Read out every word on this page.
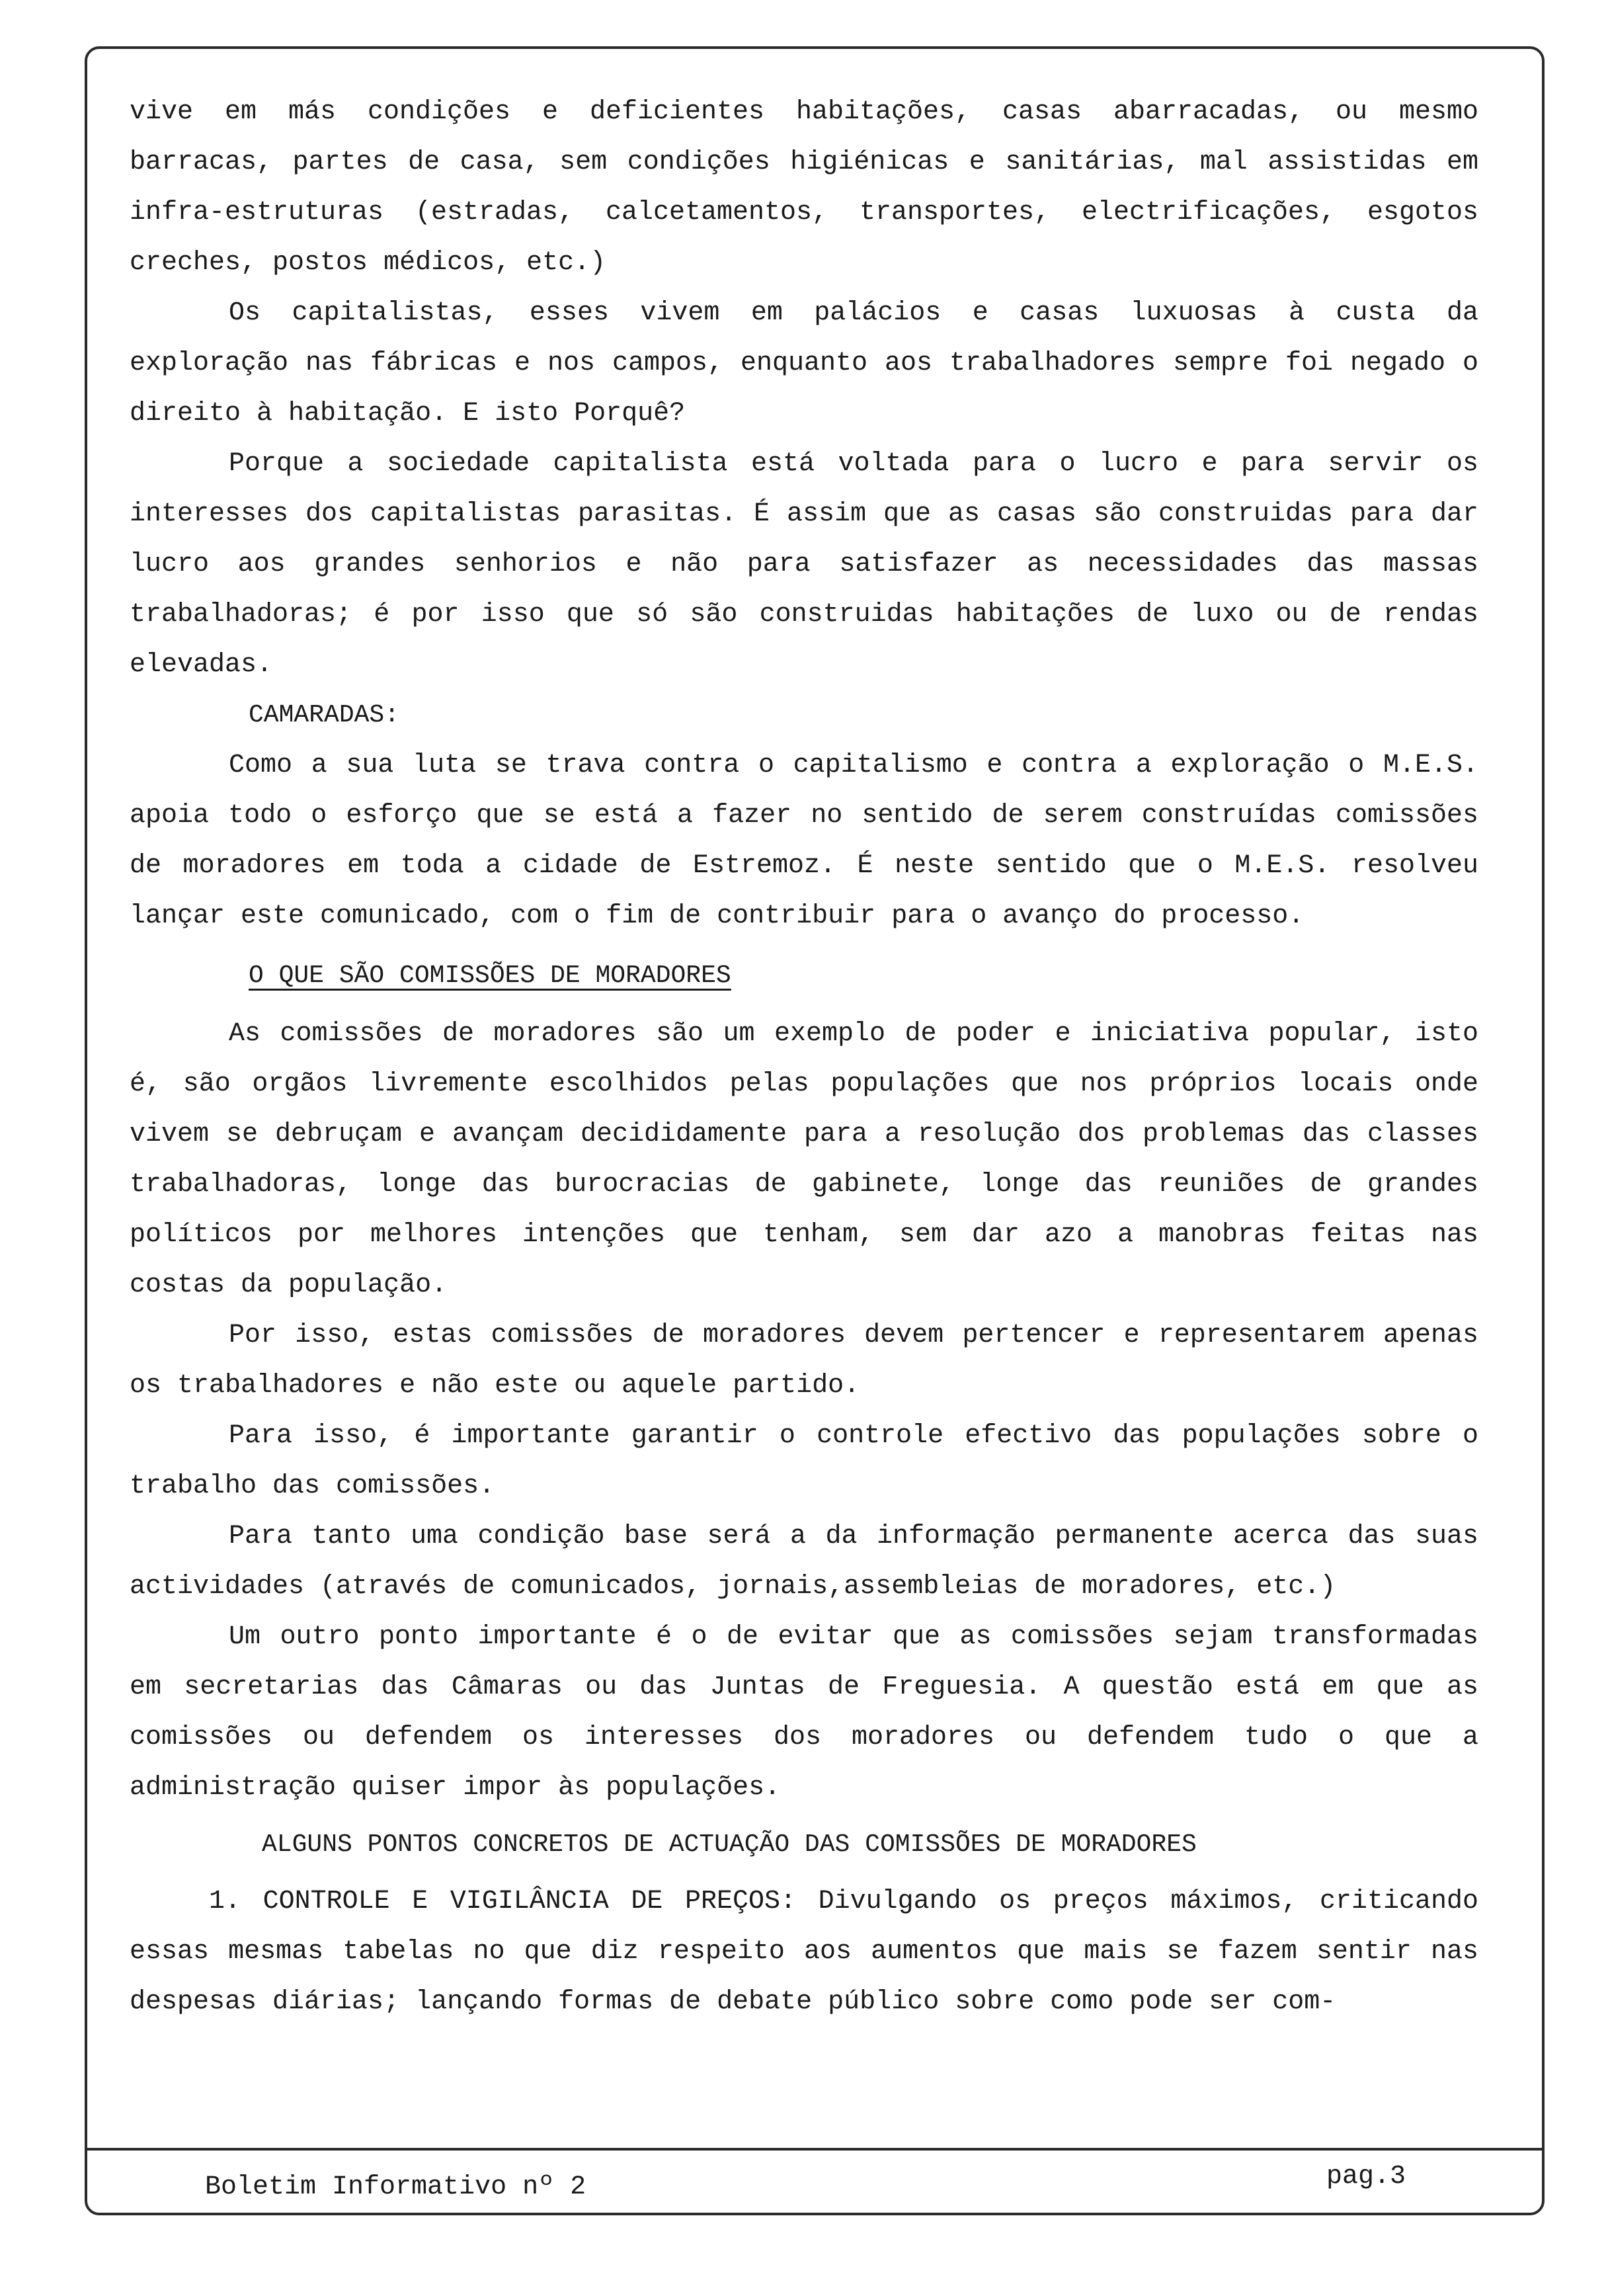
vive em más condições e deficientes habitações, casas abarracadas, ou mesmo barracas, partes de casa, sem condições higiénicas e sanitárias, mal assistidas em infra-estruturas (estradas, calcetamentos, transportes, electrificações, esgotos creches, postos médicos, etc.)

Os capitalistas, esses vivem em palácios e casas luxuosas à custa da exploração nas fábricas e nos campos, enquanto aos trabalhadores sempre foi negado o direito à habitação. E isto Porquê?

Porque a sociedade capitalista está voltada para o lucro e para servir os interesses dos capitalistas parasitas. É assim que as casas são construidas para dar lucro aos grandes senhorios e não para satisfazer as necessidades das massas trabalhadoras; é por isso que só são construidas habitações de luxo ou de rendas elevadas.

CAMARADAS:

Como a sua luta se trava contra o capitalismo e contra a exploração o M.E.S. apoia todo o esforço que se está a fazer no sentido de serem construídas comissões de moradores em toda a cidade de Estremoz. É neste sentido que o M.E.S. resolveu lançar este comunicado, com o fim de contribuir para o avanço do processo.

O QUE SÃO COMISSÕES DE MORADORES

As comissões de moradores são um exemplo de poder e iniciativa popular, isto é, são orgãos livremente escolhidos pelas populações que nos próprios locais onde vivem se debruçam e avançam decididamente para a resolução dos problemas das classes trabalhadoras, longe das burocracias de gabinete, longe das reuniões de grandes políticos por melhores intenções que tenham, sem dar azo a manobras feitas nas costas da população.

Por isso, estas comissões de moradores devem pertencer e representarem apenas os trabalhadores e não este ou aquele partido.

Para isso, é importante garantir o controle efectivo das populações sobre o trabalho das comissões.

Para tanto uma condição base será a da informação permanente acerca das suas actividades (através de comunicados, jornais,assembleias de moradores, etc.)

Um outro ponto importante é o de evitar que as comissões sejam transformadas em secretarias das Câmaras ou das Juntas de Freguesia. A questão está em que as comissões ou defendem os interesses dos moradores ou defendem tudo o que a administração quiser impor às populações.

ALGUNS PONTOS CONCRETOS DE ACTUAÇÃO DAS COMISSÕES DE MORADORES

1. CONTROLE E VIGILÂNCIA DE PREÇOS: Divulgando os preços máximos, criticando essas mesmas tabelas no que diz respeito aos aumentos que mais se fazem sentir nas despesas diárias; lançando formas de debate público sobre como pode ser com-

Boletim Informativo nº 2	pag.3
